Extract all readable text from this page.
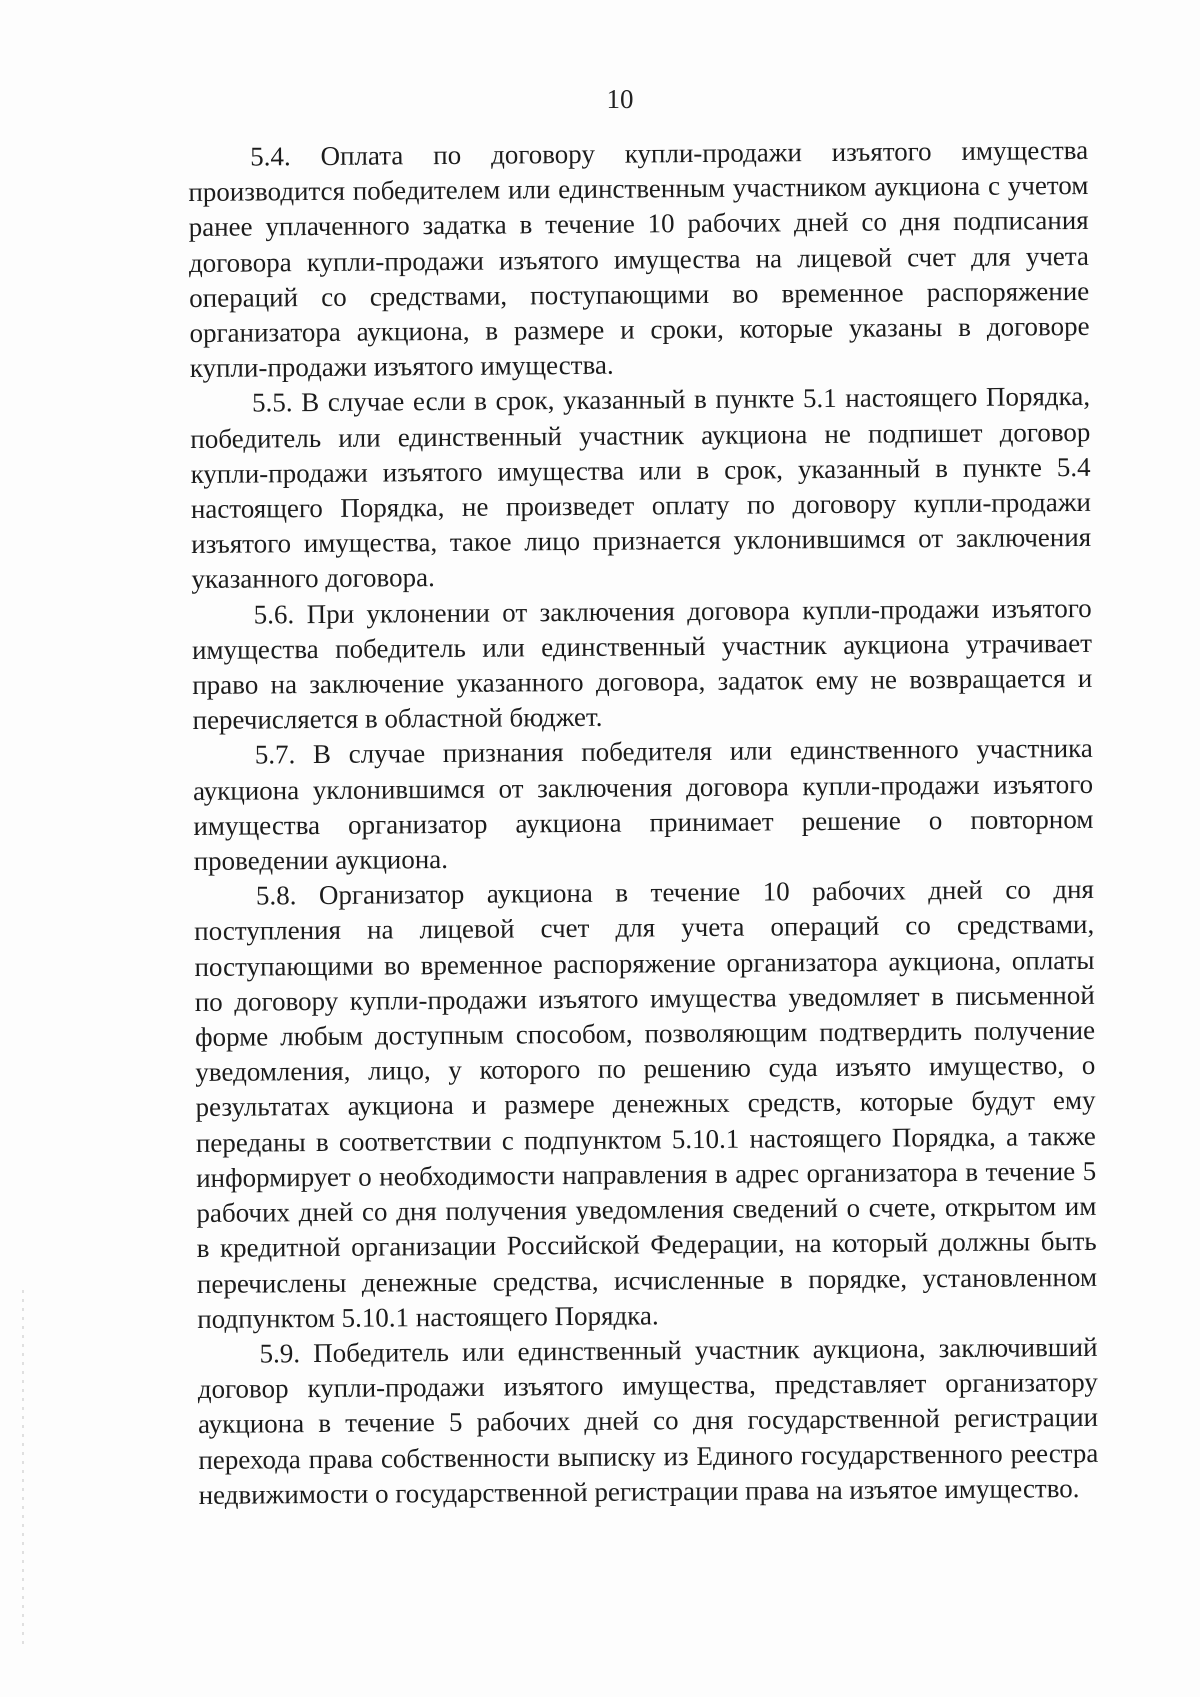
10

5.4. Оплата по договору купли-продажи изъятого имущества производится победителем или единственным участником аукциона с учетом ранее уплаченного задатка в течение 10 рабочих дней со дня подписания договора купли-продажи изъятого имущества на лицевой счет для учета операций со средствами, поступающими во временное распоряжение организатора аукциона, в размере и сроки, которые указаны в договоре купли-продажи изъятого имущества.

5.5. В случае если в срок, указанный в пункте 5.1 настоящего Порядка, победитель или единственный участник аукциона не подпишет договор купли-продажи изъятого имущества или в срок, указанный в пункте 5.4 настоящего Порядка, не произведет оплату по договору купли-продажи изъятого имущества, такое лицо признается уклонившимся от заключения указанного договора.

5.6. При уклонении от заключения договора купли-продажи изъятого имущества победитель или единственный участник аукциона утрачивает право на заключение указанного договора, задаток ему не возвращается и перечисляется в областной бюджет.

5.7. В случае признания победителя или единственного участника аукциона уклонившимся от заключения договора купли-продажи изъятого имущества организатор аукциона принимает решение о повторном проведении аукциона.

5.8. Организатор аукциона в течение 10 рабочих дней со дня поступления на лицевой счет для учета операций со средствами, поступающими во временное распоряжение организатора аукциона, оплаты по договору купли-продажи изъятого имущества уведомляет в письменной форме любым доступным способом, позволяющим подтвердить получение уведомления, лицо, у которого по решению суда изъято имущество, о результатах аукциона и размере денежных средств, которые будут ему переданы в соответствии с подпунктом 5.10.1 настоящего Порядка, а также информирует о необходимости направления в адрес организатора в течение 5 рабочих дней со дня получения уведомления сведений о счете, открытом им в кредитной организации Российской Федерации, на который должны быть перечислены денежные средства, исчисленные в порядке, установленном подпунктом 5.10.1 настоящего Порядка.

5.9. Победитель или единственный участник аукциона, заключивший договор купли-продажи изъятого имущества, представляет организатору аукциона в течение 5 рабочих дней со дня государственной регистрации перехода права собственности выписку из Единого государственного реестра недвижимости о государственной регистрации права на изъятое имущество.
